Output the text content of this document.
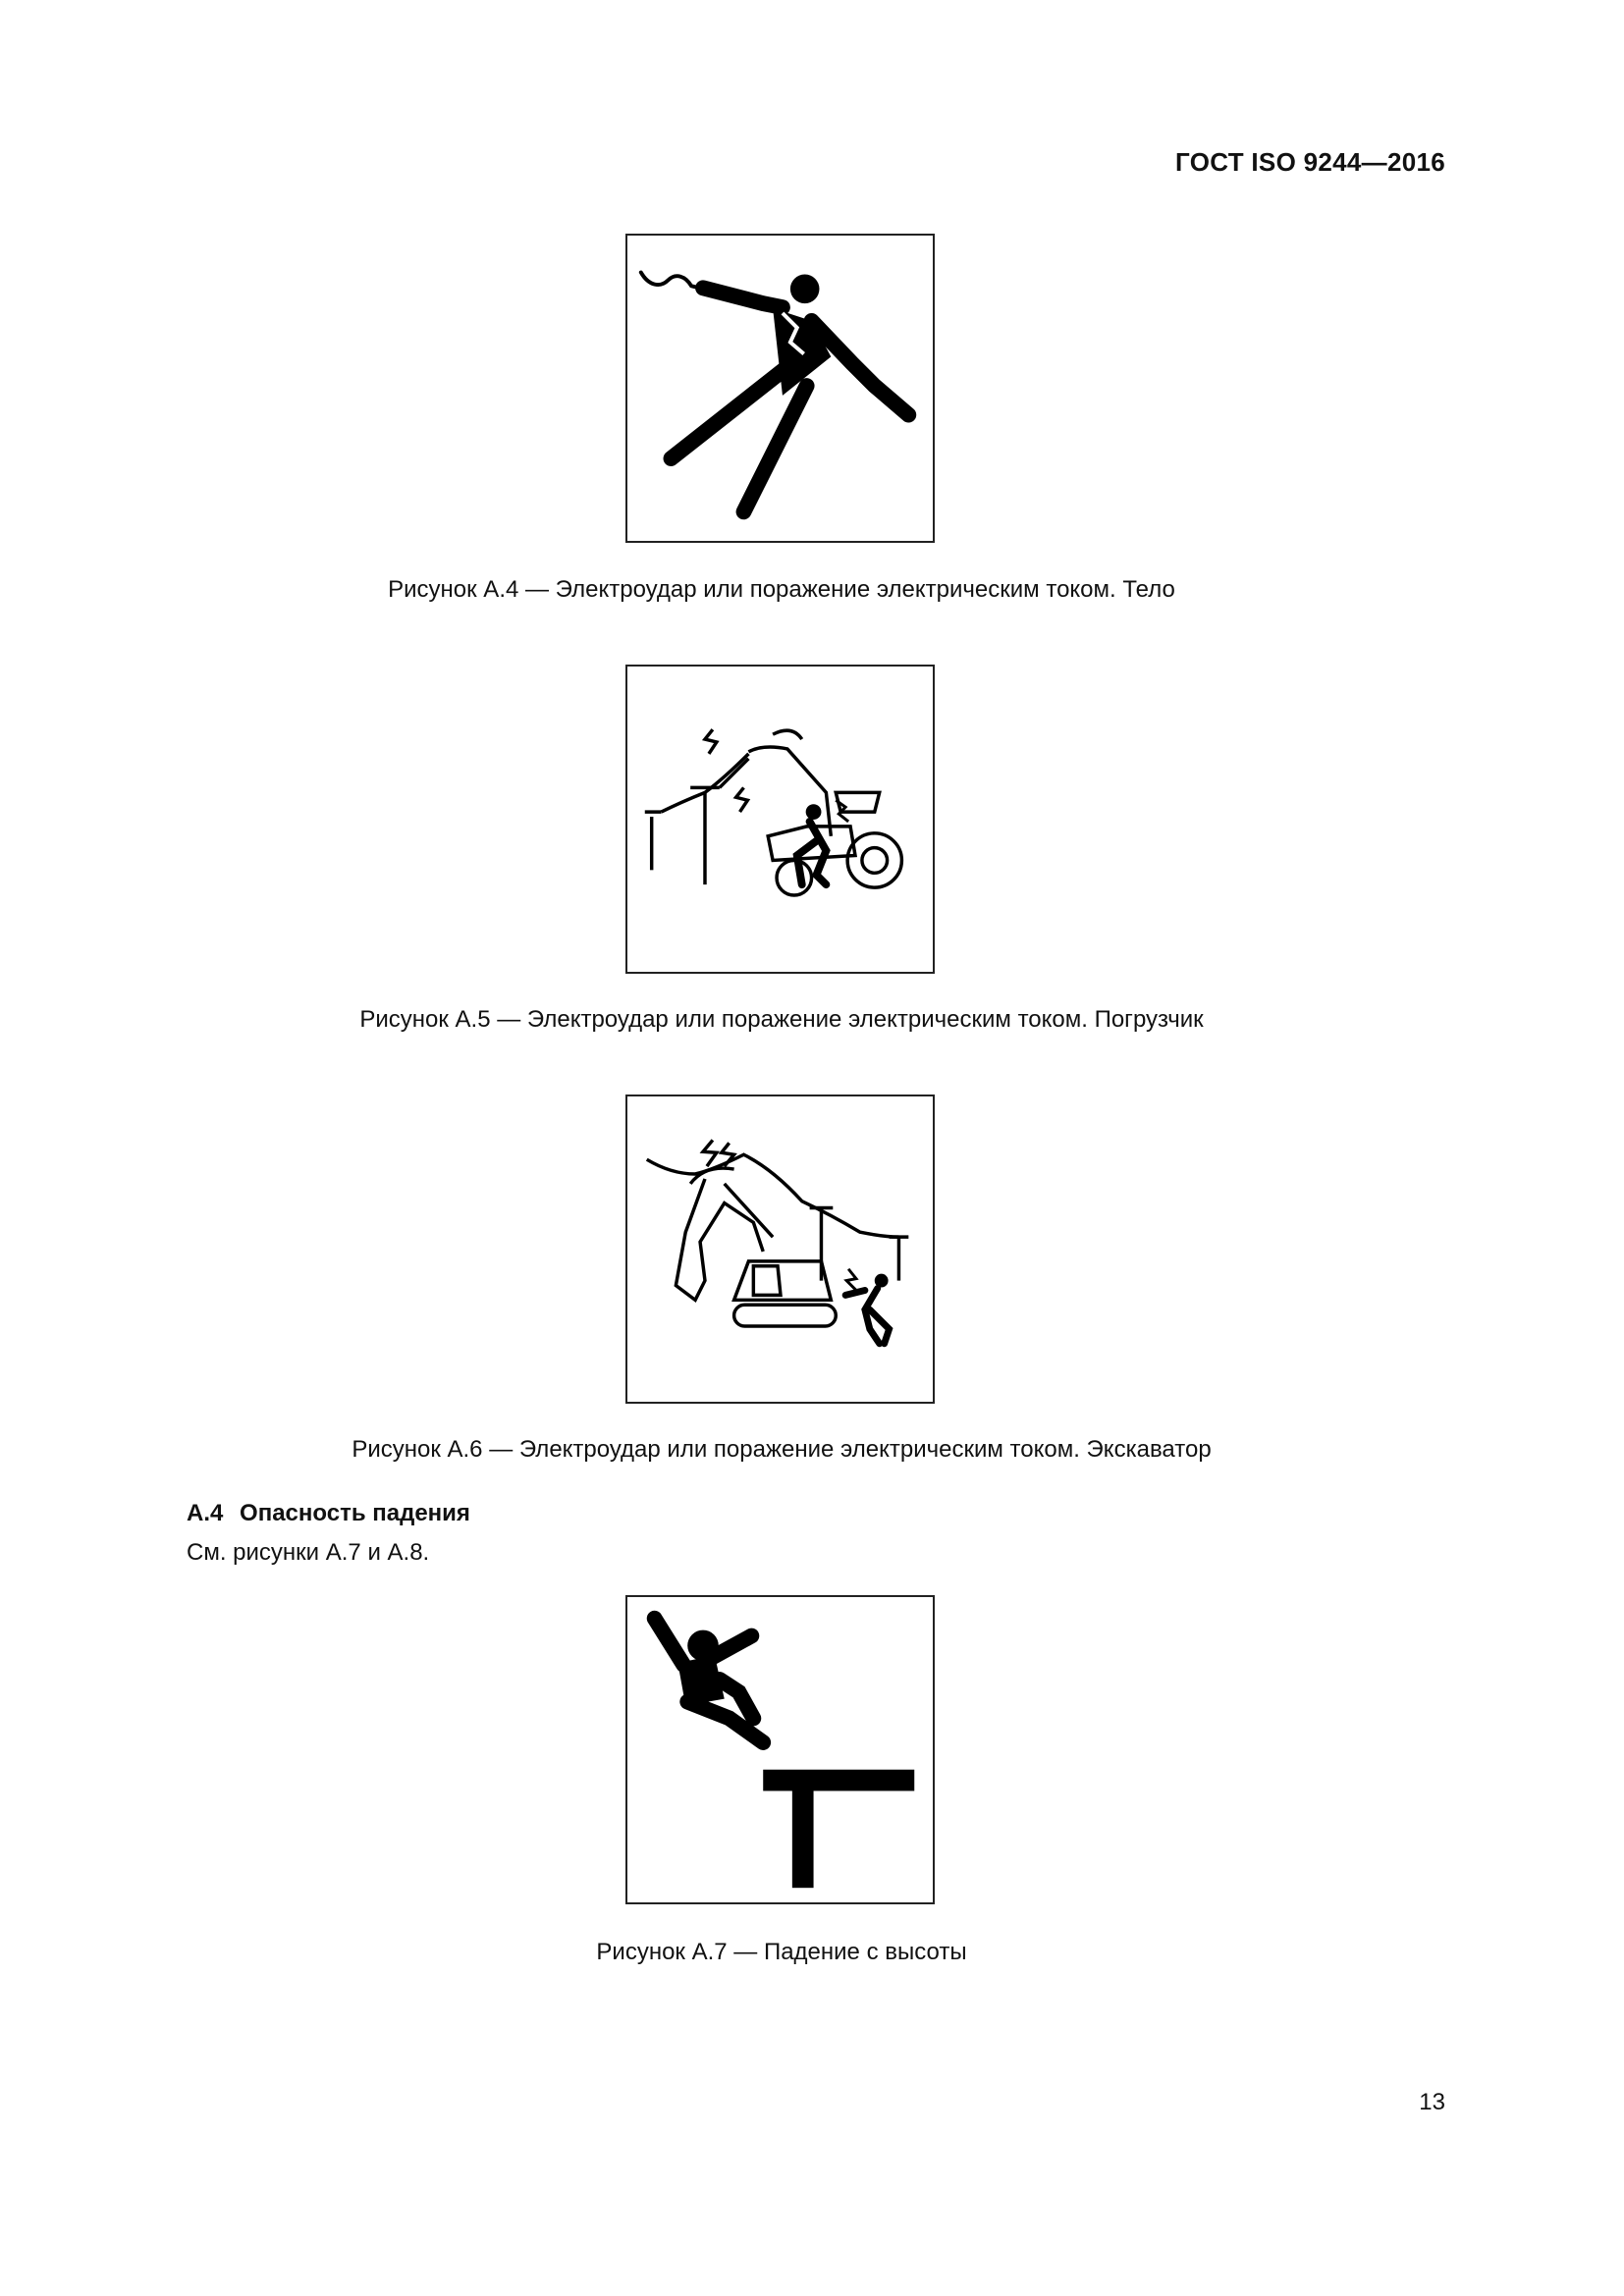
ГОСТ ISO 9244—2016
Рисунок А.4 — Электроудар или поражение электрическим током. Тело
Рисунок А.5 — Электроудар или поражение электрическим током. Погрузчик
Рисунок А.6 — Электроудар или поражение электрическим током. Экскаватор
А.4 Опасность падения
См. рисунки А.7 и А.8.
Рисунок А.7 — Падение с высоты
13
